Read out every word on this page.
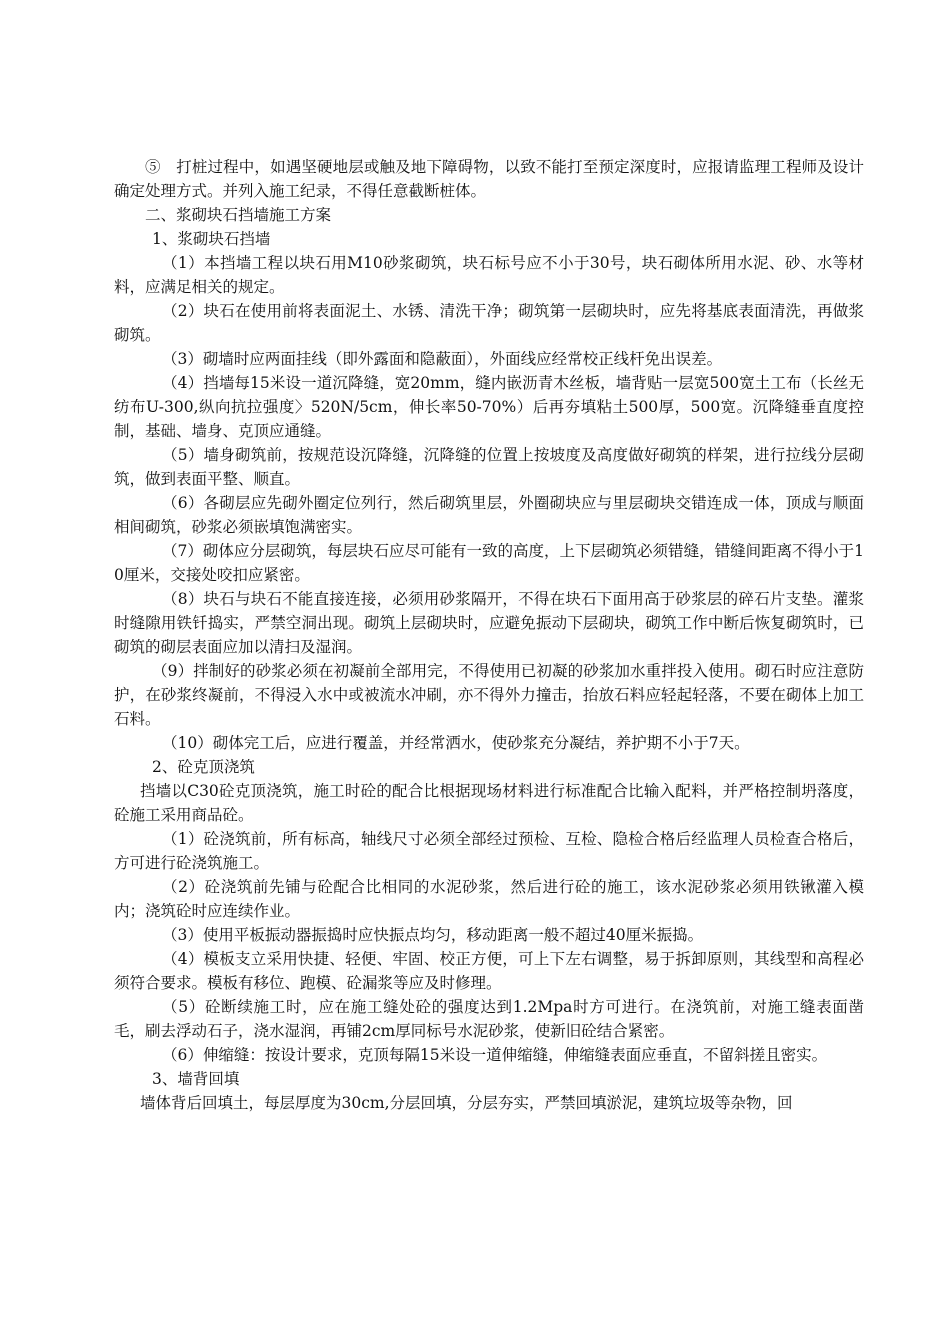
⑤　打桩过程中，如遇坚硬地层或触及地下障碍物，以致不能打至预定深度时，应报请监理工程师及设计确定处理方式。并列入施工纪录，不得任意截断桩体。

二、浆砌块石挡墙施工方案

1、浆砌块石挡墙

（1）本挡墙工程以块石用M10砂浆砌筑，块石标号应不小于30号，块石砌体所用水泥、砂、水等材料，应满足相关的规定。

（2）块石在使用前将表面泥土、水锈、清洗干净；砌筑第一层砌块时，应先将基底表面清洗，再做浆砌筑。

（3）砌墙时应两面挂线（即外露面和隐蔽面），外面线应经常校正线杆免出误差。

（4）挡墙每15米设一道沉降缝，宽20mm，缝内嵌沥青木丝板，墙背贴一层宽500宽土工布（长丝无纺布U-300,纵向抗拉强度〉520N/5cm，伸长率50-70%）后再夯填粘土500厚，500宽。沉降缝垂直度控制，基础、墙身、克顶应通缝。

（5）墙身砌筑前，按规范设沉降缝，沉降缝的位置上按坡度及高度做好砌筑的样架，进行拉线分层砌筑，做到表面平整、顺直。

（6）各砌层应先砌外圈定位列行，然后砌筑里层，外圈砌块应与里层砌块交错连成一体，顶成与顺面相间砌筑，砂浆必须嵌填饱满密实。

（7）砌体应分层砌筑，每层块石应尽可能有一致的高度，上下层砌筑必须错缝，错缝间距离不得小于10厘米，交接处咬扣应紧密。

（8）块石与块石不能直接连接，必须用砂浆隔开，不得在块石下面用高于砂浆层的碎石片支垫。灌浆时缝隙用铁钎捣实，严禁空洞出现。砌筑上层砌块时，应避免振动下层砌块，砌筑工作中断后恢复砌筑时，已砌筑的砌层表面应加以清扫及湿润。

（9）拌制好的砂浆必须在初凝前全部用完，不得使用已初凝的砂浆加水重拌投入使用。砌石时应注意防护，在砂浆终凝前，不得浸入水中或被流水冲刷，亦不得外力撞击，抬放石料应轻起轻落，不要在砌体上加工石料。

（10）砌体完工后，应进行覆盖，并经常洒水，使砂浆充分凝结，养护期不小于7天。

2、砼克顶浇筑

挡墙以C30砼克顶浇筑，施工时砼的配合比根据现场材料进行标准配合比输入配料，并严格控制坍落度，砼施工采用商品砼。

（1）砼浇筑前，所有标高，轴线尺寸必须全部经过预检、互检、隐检合格后经监理人员检查合格后，方可进行砼浇筑施工。

（2）砼浇筑前先铺与砼配合比相同的水泥砂浆，然后进行砼的施工，该水泥砂浆必须用铁锹灌入模内；浇筑砼时应连续作业。

（3）使用平板振动器振捣时应快振点均匀，移动距离一般不超过40厘米振捣。

（4）模板支立采用快捷、轻便、牢固、校正方便，可上下左右调整，易于拆卸原则，其线型和高程必须符合要求。模板有移位、跑模、砼漏浆等应及时修理。

（5）砼断续施工时，应在施工缝处砼的强度达到1.2Mpa时方可进行。在浇筑前，对施工缝表面凿毛，刷去浮动石子，浇水湿润，再铺2cm厚同标号水泥砂浆，使新旧砼结合紧密。

（6）伸缩缝：按设计要求，克顶每隔15米设一道伸缩缝，伸缩缝表面应垂直，不留斜搓且密实。

3、墙背回填

墙体背后回填土，每层厚度为30cm,分层回填，分层夯实，严禁回填淤泥，建筑垃圾等杂物，回
